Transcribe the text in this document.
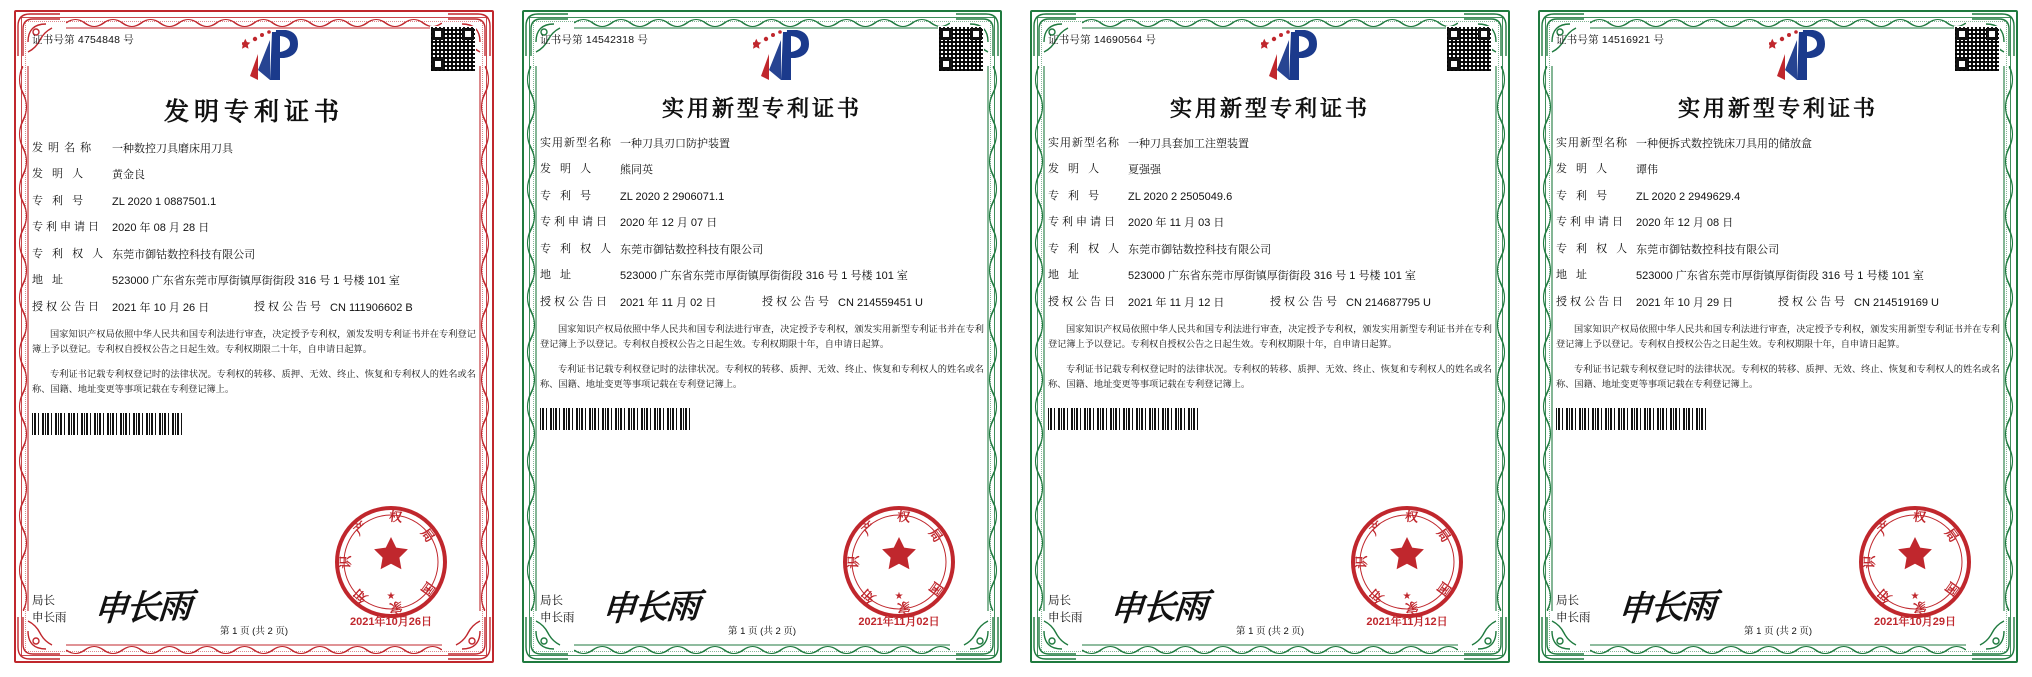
证书号第 4754848 号
发明专利证书
发 明 名 称	一种数控刀具磨床用刀具
发 明 人	黄金良
专 利 号	ZL 2020 1 0887501.1
专利申请日 2020 年 08 月 28 日
专 利 权 人 东莞市御钴数控科技有限公司
地 址	523000 广东省东莞市厚街镇厚街街段 316 号 1 号楼 101 室
授权公告日 2021 年 10 月 26 日	授权公告号 CN 111906602 B
国家知识产权局依照中华人民共和国专利法进行审查，决定授予专利权，颁发发明专利证书并在专利登记簿上予以登记。专利权自授权公告之日起生效。专利权期限二十年，自申请日起算。
专利证书记载专利权登记时的法律状况。专利权的转移、质押、无效、终止、恢复和专利权人的姓名或名称、国籍、地址变更等事项记载在专利登记簿上。
局长
申长雨 申长雨	国
家
知
识
产
权
局
★
2021年10月26日
第 1 页 (共 2 页)
证书号第 14542318 号
实用新型专利证书
实用新型名称 一种刀具刃口防护装置
发 明 人	熊同英
专 利 号	ZL 2020 2 2906071.1
专利申请日 2020 年 12 月 07 日
专 利 权 人 东莞市御钴数控科技有限公司
地 址	523000 广东省东莞市厚街镇厚街街段 316 号 1 号楼 101 室
授权公告日 2021 年 11 月 02 日	授权公告号 CN 214559451 U
国家知识产权局依照中华人民共和国专利法进行审查，决定授予专利权，颁发实用新型专利证书并在专利登记簿上予以登记。专利权自授权公告之日起生效。专利权期限十年，自申请日起算。
专利证书记载专利权登记时的法律状况。专利权的转移、质押、无效、终止、恢复和专利权人的姓名或名称、国籍、地址变更等事项记载在专利登记簿上。
局长
申长雨 申长雨	国
家
知
识
产
权
局
★
2021年11月02日
第 1 页 (共 2 页)
证书号第 14690564 号
实用新型专利证书
实用新型名称 一种刀具套加工注塑装置
发 明 人	夏强强
专 利 号	ZL 2020 2 2505049.6
专利申请日 2020 年 11 月 03 日
专 利 权 人 东莞市御钴数控科技有限公司
地 址	523000 广东省东莞市厚街镇厚街街段 316 号 1 号楼 101 室
授权公告日 2021 年 11 月 12 日	授权公告号 CN 214687795 U
国家知识产权局依照中华人民共和国专利法进行审查，决定授予专利权，颁发实用新型专利证书并在专利登记簿上予以登记。专利权自授权公告之日起生效。专利权期限十年，自申请日起算。
专利证书记载专利权登记时的法律状况。专利权的转移、质押、无效、终止、恢复和专利权人的姓名或名称、国籍、地址变更等事项记载在专利登记簿上。
局长
申长雨 申长雨	国
家
知
识
产
权
局
★
2021年11月12日
第 1 页 (共 2 页)
证书号第 14516921 号
实用新型专利证书
实用新型名称 一种便拆式数控铣床刀具用的储放盒
发 明 人	谭伟
专 利 号	ZL 2020 2 2949629.4
专利申请日 2020 年 12 月 08 日
专 利 权 人 东莞市御钴数控科技有限公司
地 址	523000 广东省东莞市厚街镇厚街街段 316 号 1 号楼 101 室
授权公告日 2021 年 10 月 29 日	授权公告号 CN 214519169 U
国家知识产权局依照中华人民共和国专利法进行审查，决定授予专利权，颁发实用新型专利证书并在专利登记簿上予以登记。专利权自授权公告之日起生效。专利权期限十年，自申请日起算。
专利证书记载专利权登记时的法律状况。专利权的转移、质押、无效、终止、恢复和专利权人的姓名或名称、国籍、地址变更等事项记载在专利登记簿上。
局长
申长雨 申长雨	国
家
知
识
产
权
局
★
2021年10月29日
第 1 页 (共 2 页)
